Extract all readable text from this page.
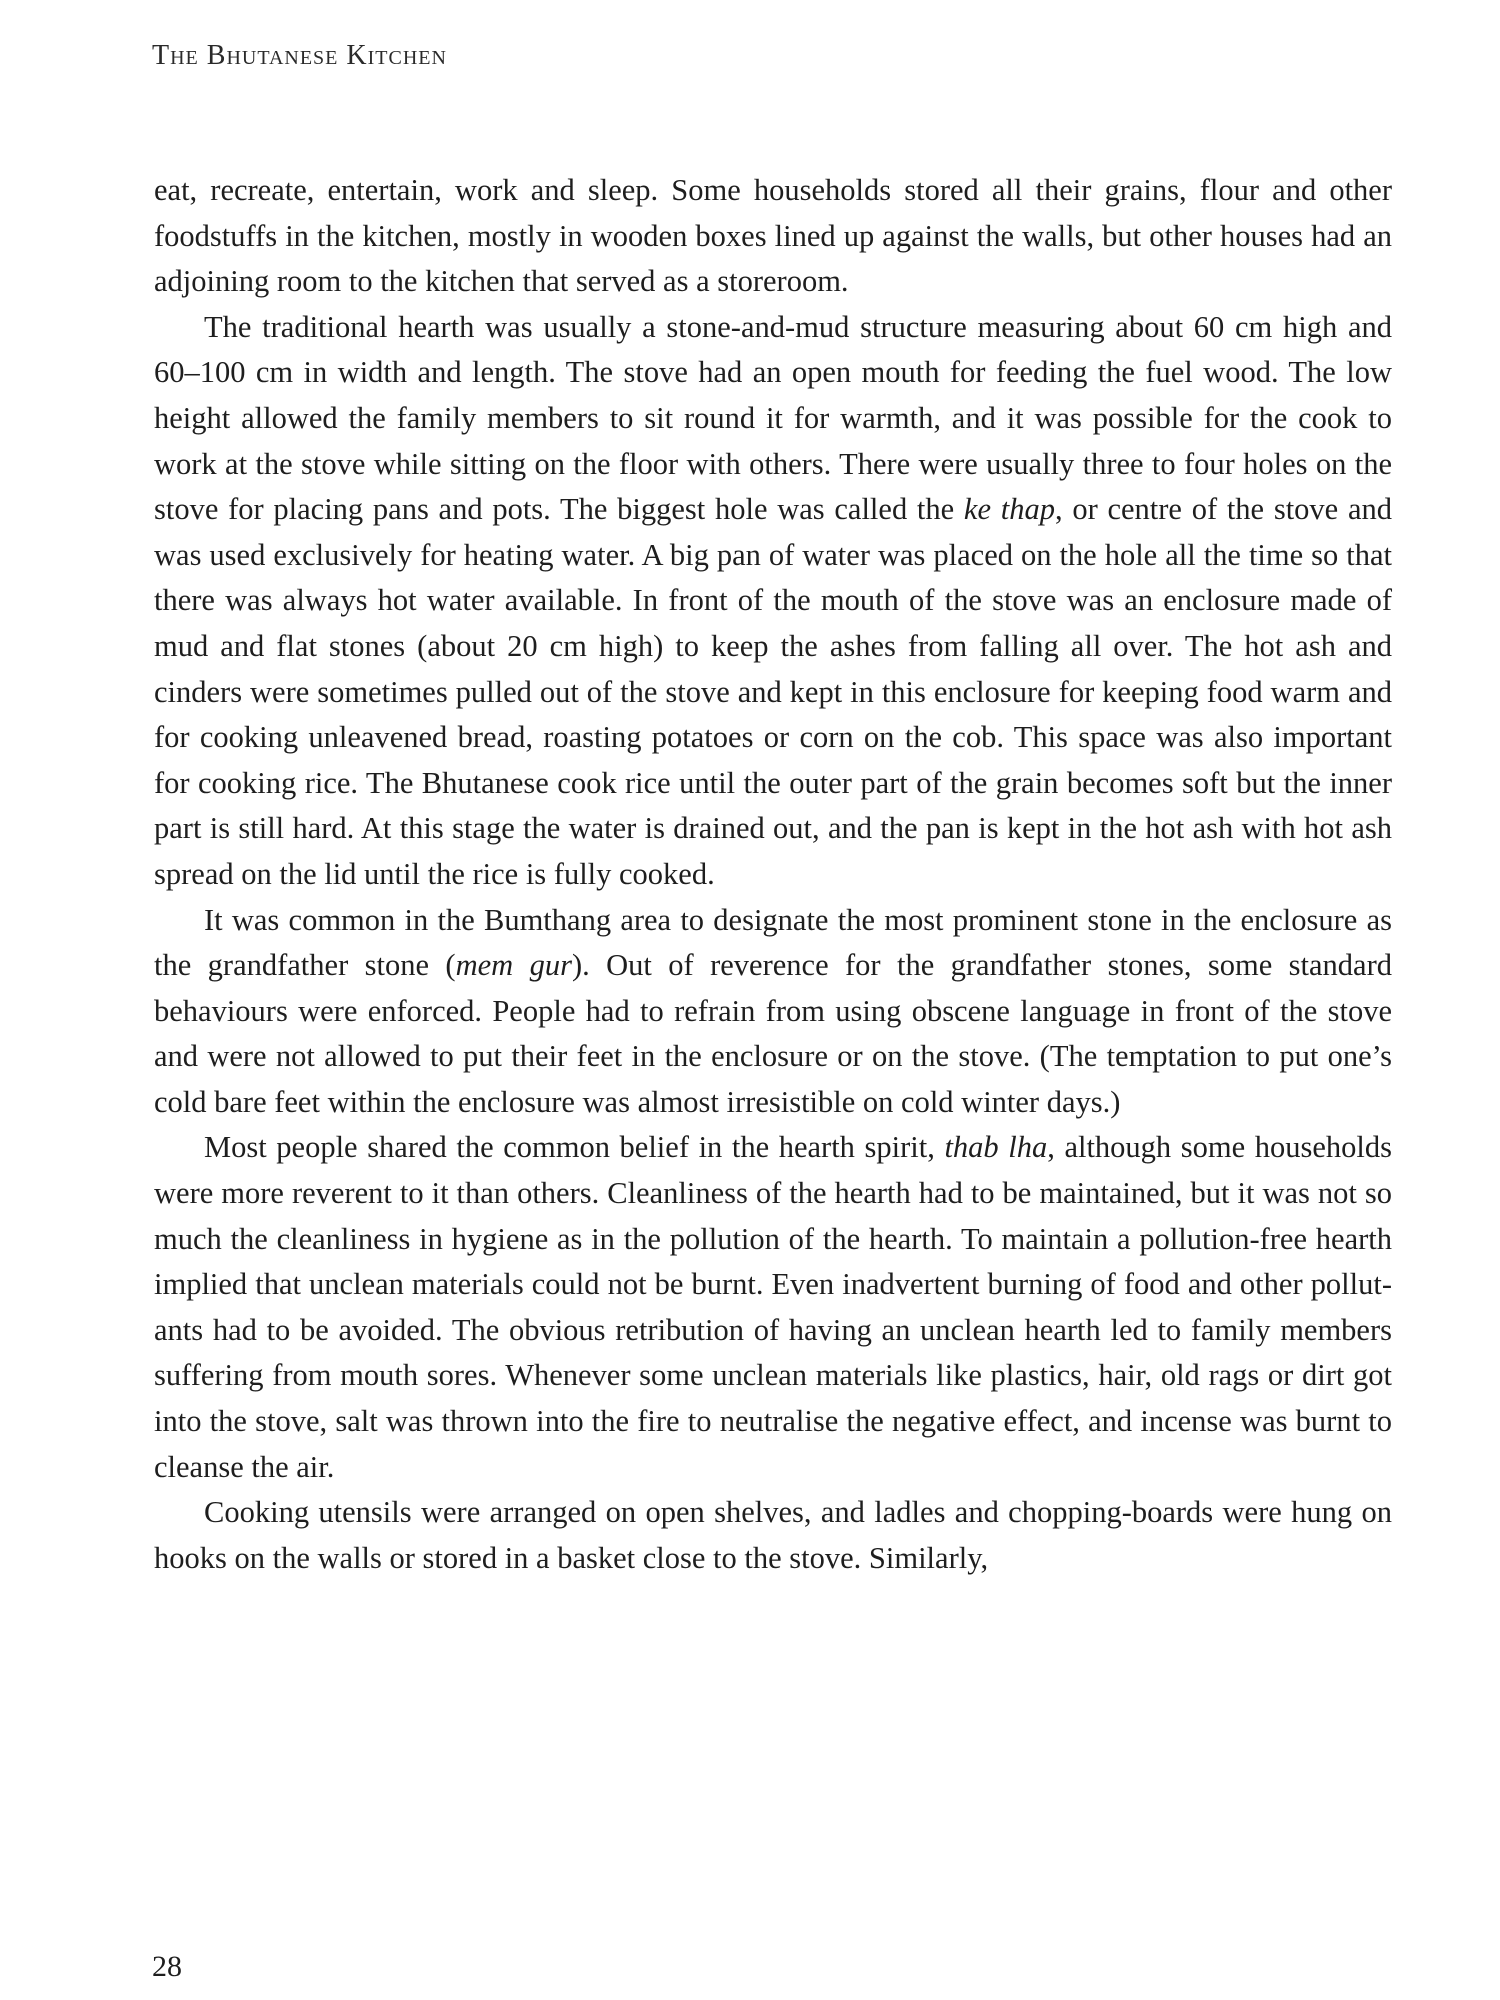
The Bhutanese Kitchen

eat, recreate, entertain, work and sleep. Some households stored all their grains, flour and other foodstuffs in the kitchen, mostly in wooden boxes lined up against the walls, but other houses had an adjoining room to the kitchen that served as a storeroom.

The traditional hearth was usually a stone-and-mud structure measuring about 60 cm high and 60–100 cm in width and length. The stove had an open mouth for feeding the fuel wood. The low height allowed the family members to sit round it for warmth, and it was possible for the cook to work at the stove while sitting on the floor with others. There were usually three to four holes on the stove for placing pans and pots. The biggest hole was called the ke thap, or centre of the stove and was used exclusively for heating water. A big pan of water was placed on the hole all the time so that there was always hot water available. In front of the mouth of the stove was an enclosure made of mud and flat stones (about 20 cm high) to keep the ashes from falling all over. The hot ash and cinders were sometimes pulled out of the stove and kept in this enclosure for keeping food warm and for cooking unleavened bread, roasting potatoes or corn on the cob. This space was also important for cooking rice. The Bhutanese cook rice until the outer part of the grain becomes soft but the inner part is still hard. At this stage the water is drained out, and the pan is kept in the hot ash with hot ash spread on the lid until the rice is fully cooked.

It was common in the Bumthang area to designate the most prominent stone in the enclosure as the grandfather stone (mem gur). Out of reverence for the grandfather stones, some standard behaviours were enforced. People had to refrain from using obscene language in front of the stove and were not allowed to put their feet in the enclosure or on the stove. (The temptation to put one’s cold bare feet within the enclosure was almost irresistible on cold winter days.)

Most people shared the common belief in the hearth spirit, thab lha, although some households were more reverent to it than others. Cleanliness of the hearth had to be maintained, but it was not so much the cleanliness in hygiene as in the pollution of the hearth. To maintain a pollution-free hearth implied that unclean materials could not be burnt. Even inadvertent burning of food and other pollutants had to be avoided. The obvious retribution of having an unclean hearth led to family members suffering from mouth sores. Whenever some unclean materials like plastics, hair, old rags or dirt got into the stove, salt was thrown into the fire to neutralise the negative effect, and incense was burnt to cleanse the air.

Cooking utensils were arranged on open shelves, and ladles and chopping-boards were hung on hooks on the walls or stored in a basket close to the stove. Similarly,

28
